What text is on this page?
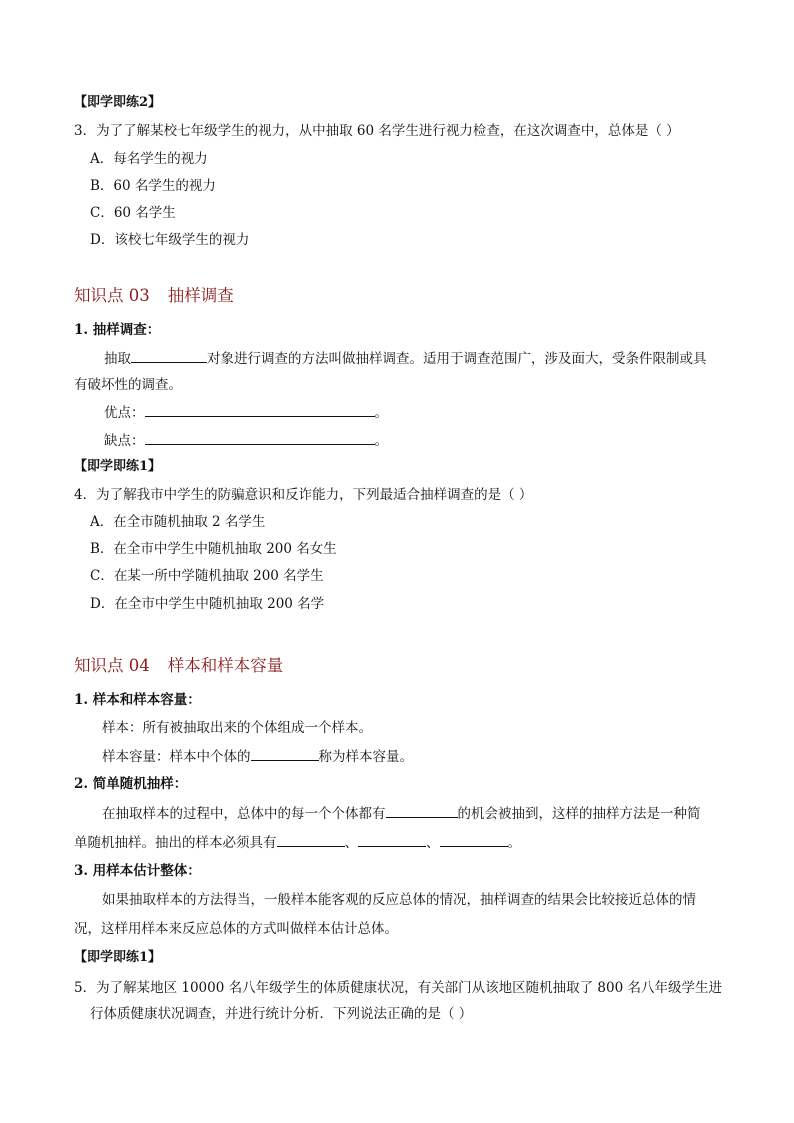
【即学即练2】
3．为了了解某校七年级学生的视力，从中抽取 60 名学生进行视力检查，在这次调查中，总体是（ ）
A．每名学生的视力
B．60 名学生的视力
C．60 名学生
D．该校七年级学生的视力
知识点 03 抽样调查
1. 抽样调查：
抽取	对象进行调查的方法叫做抽样调查。适用于调查范围广，涉及面大，受条件限制或具
有破坏性的调查。
优点：	。
缺点：	。
【即学即练1】
4．为了解我市中学生的防骗意识和反诈能力，下列最适合抽样调查的是（ ）
A．在全市随机抽取 2 名学生
B．在全市中学生中随机抽取 200 名女生
C．在某一所中学随机抽取 200 名学生
D．在全市中学生中随机抽取 200 名学
知识点 04 样本和样本容量
1. 样本和样本容量：
样本：所有被抽取出来的个体组成一个样本。
样本容量：样本中个体的	称为样本容量。
2. 简单随机抽样：
在抽取样本的过程中，总体中的每一个个体都有	的机会被抽到，这样的抽样方法是一种简
单随机抽样。抽出的样本必须具有	、	、	。
3. 用样本估计整体：
如果抽取样本的方法得当，一般样本能客观的反应总体的情况，抽样调查的结果会比较接近总体的情
况，这样用样本来反应总体的方式叫做样本估计总体。
【即学即练1】
5．为了解某地区 10000 名八年级学生的体质健康状况，有关部门从该地区随机抽取了 800 名八年级学生进
行体质健康状况调查，并进行统计分析．下列说法正确的是（ ）
